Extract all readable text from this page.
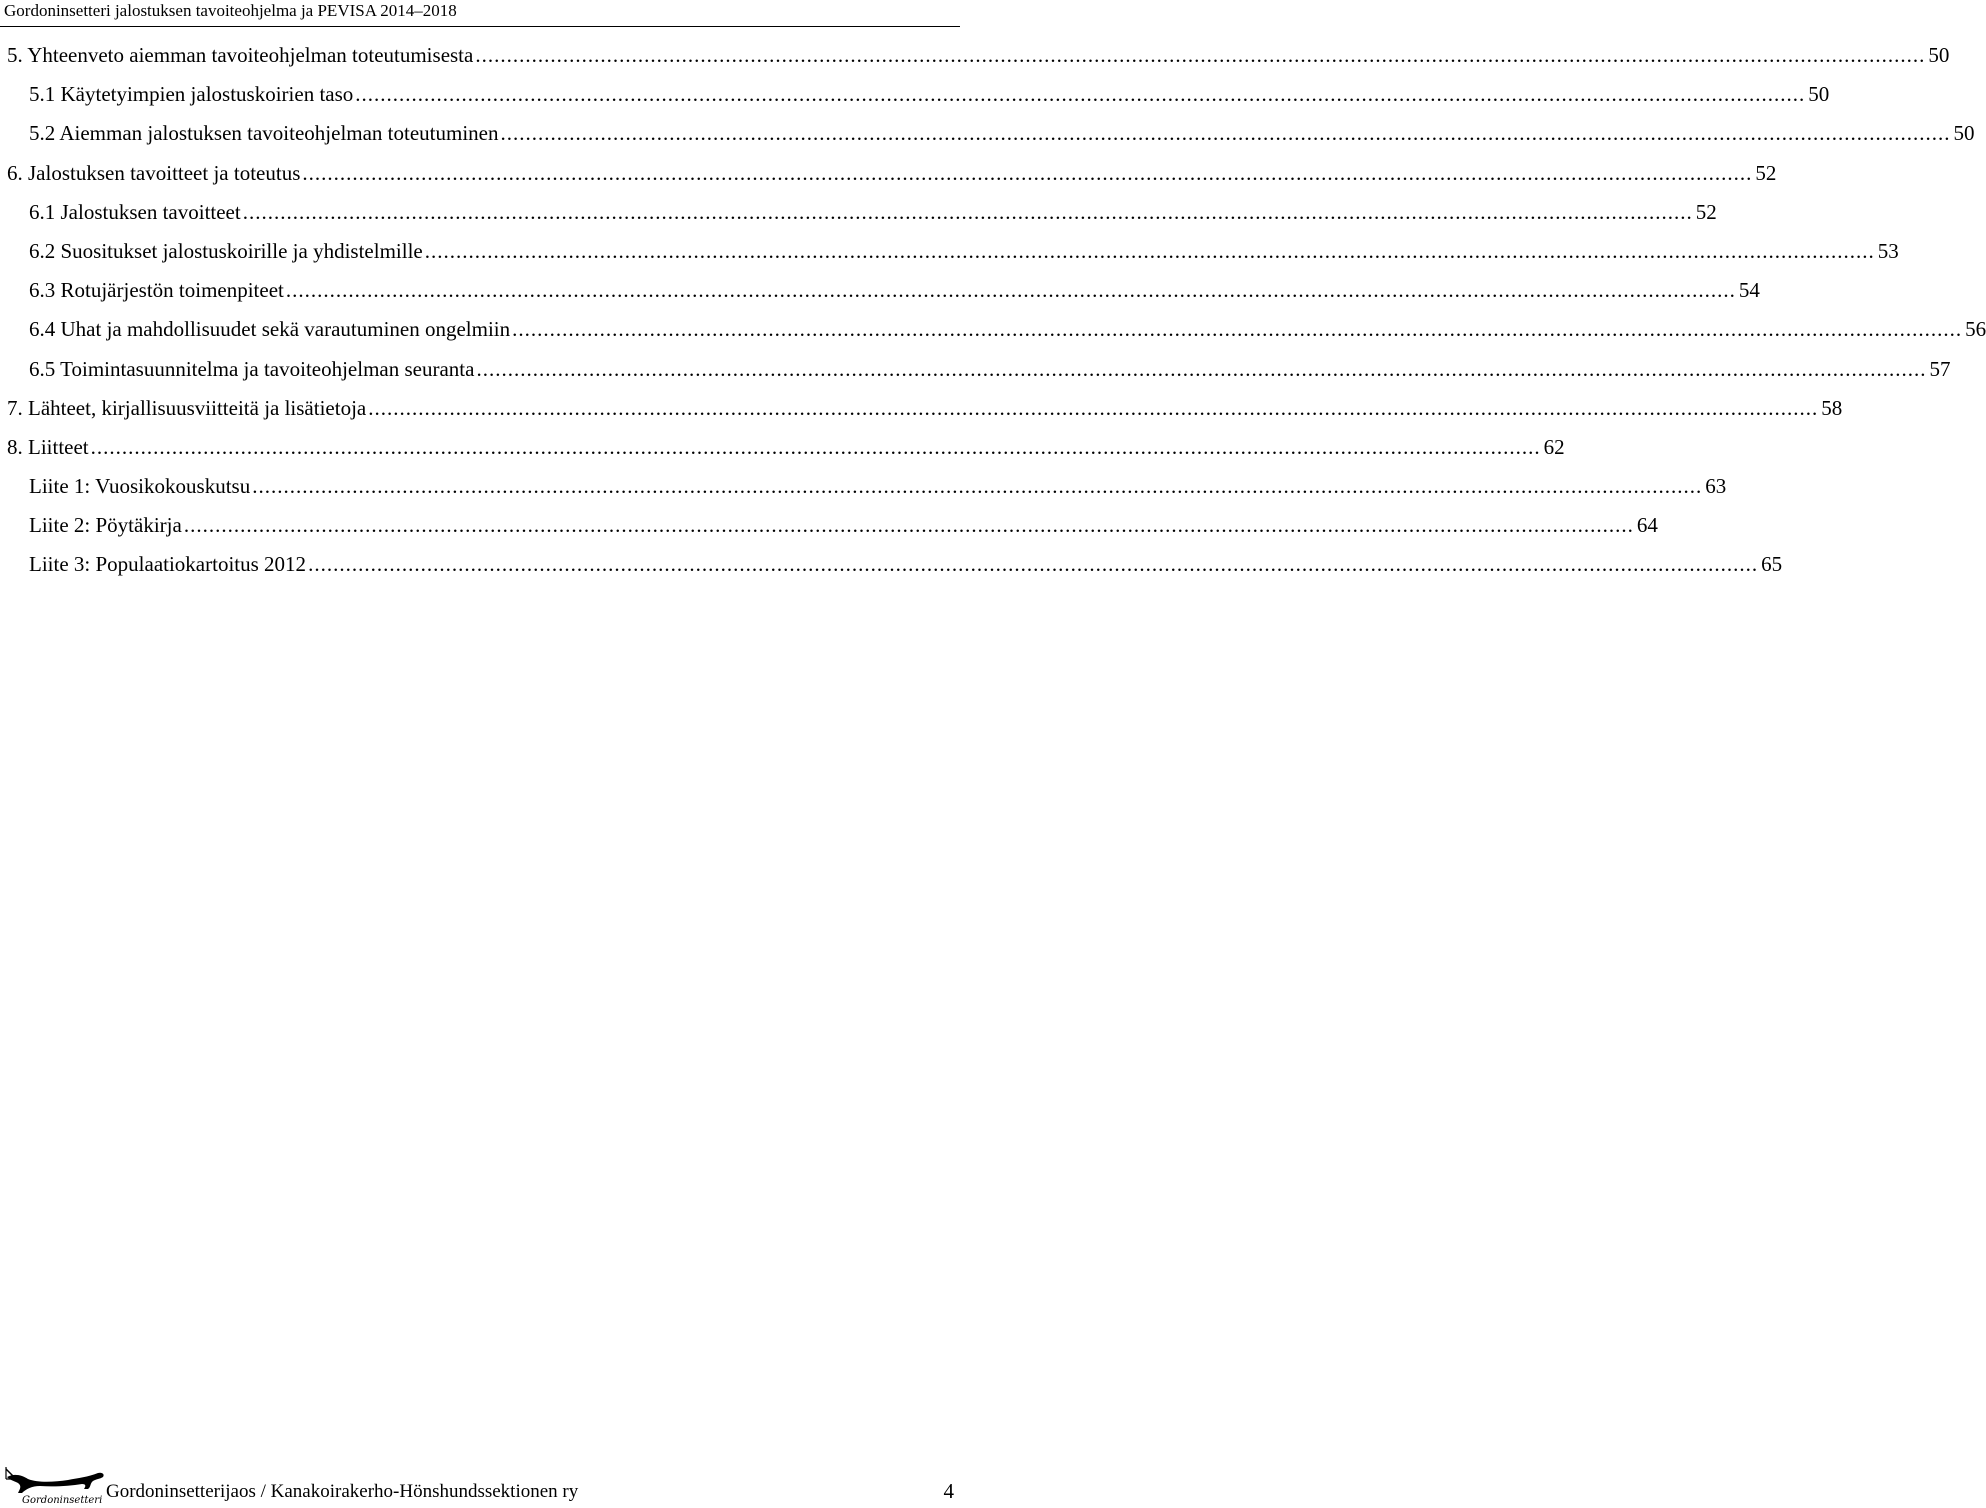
Gordoninsetteri jalostuksen tavoiteohjelma ja PEVISA 2014–2018
5. Yhteenveto aiemman tavoiteohjelman toteutumisesta .....	50
5.1 Käytetyimpien jalostuskoirien taso .....	50
5.2 Aiemman jalostuksen tavoiteohjelman toteutuminen .....	50
6. Jalostuksen tavoitteet ja toteutus .....	52
6.1 Jalostuksen tavoitteet .....	52
6.2 Suositukset jalostuskoirille ja yhdistelmille .....	53
6.3 Rotujärjestön toimenpiteet .....	54
6.4 Uhat ja mahdollisuudet sekä varautuminen ongelmiin .....	56
6.5 Toimintasuunnitelma ja tavoiteohjelman seuranta .....	57
7. Lähteet, kirjallisuusviitteitä ja lisätietoja .....	58
8. Liitteet .....	62
Liite 1: Vuosikokouskutsu .....	63
Liite 2: Pöytäkirja .....	64
Liite 3: Populaatiokartoitus 2012 .....	65
Gordoninsetteri Gordoninsetterijaos / Kanakoirakerho-Hönshundssektionen ry	4
